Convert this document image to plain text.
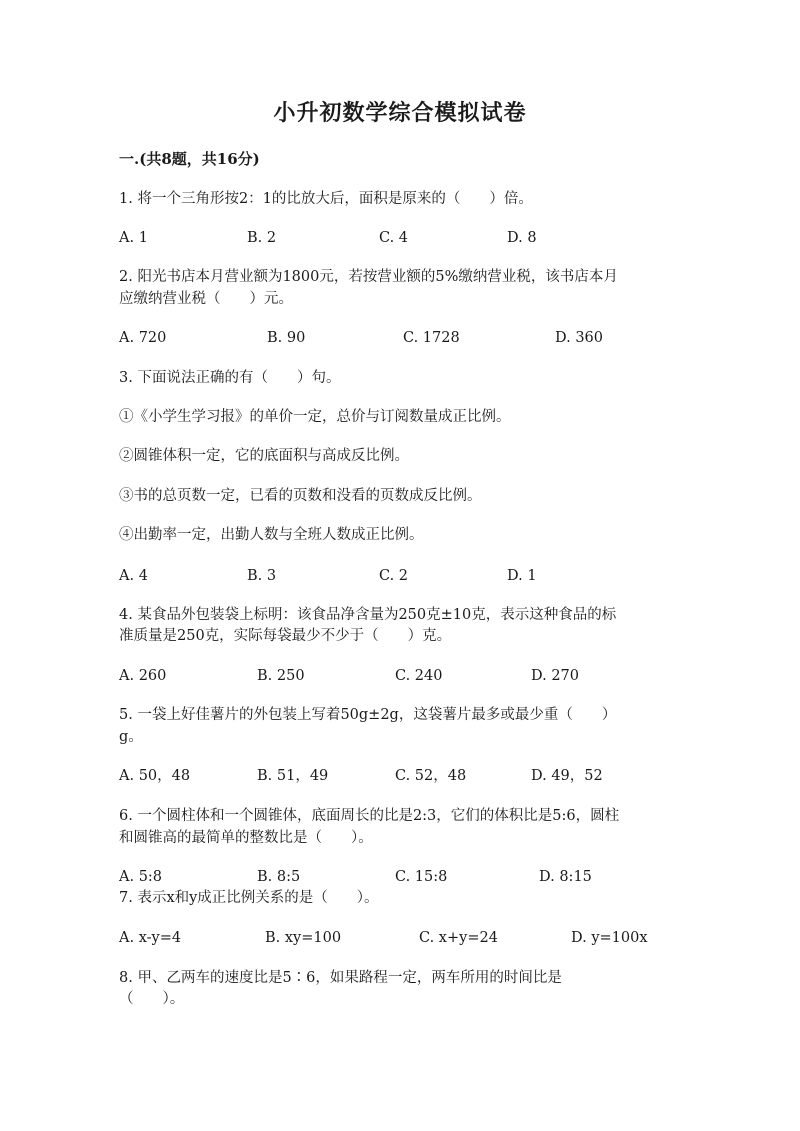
小升初数学综合模拟试卷
一.(共8题，共16分)
1. 将一个三角形按2：1的比放大后，面积是原来的（　　）倍。
A. 1	B. 2	C. 4	D. 8
2. 阳光书店本月营业额为1800元，若按营业额的5%缴纳营业税，该书店本月
应缴纳营业税（　　）元。
A. 720	B. 90	C. 1728	D. 360
3. 下面说法正确的有（　　）句。
①《小学生学习报》的单价一定，总价与订阅数量成正比例。
②圆锥体积一定，它的底面积与高成反比例。
③书的总页数一定，已看的页数和没看的页数成反比例。
④出勤率一定，出勤人数与全班人数成正比例。
A. 4	B. 3	C. 2	D. 1
4. 某食品外包装袋上标明：该食品净含量为250克±10克，表示这种食品的标
准质量是250克，实际每袋最少不少于（　　）克。
A. 260	B. 250	C. 240	D. 270
5. 一袋上好佳薯片的外包装上写着50g±2g，这袋薯片最多或最少重（　　）
g。
A. 50，48	B. 51，49	C. 52，48	D. 49，52
6. 一个圆柱体和一个圆锥体，底面周长的比是2:3，它们的体积比是5:6，圆柱
和圆锥高的最简单的整数比是（　　）。
A. 5:8	B. 8:5	C. 15:8	D. 8:15
7. 表示x和y成正比例关系的是（　　）。
A. x-y=4	B. xy=100	C. x+y=24	D. y=100x
8. 甲、乙两车的速度比是5∶6，如果路程一定，两车所用的时间比是
（　　）。
